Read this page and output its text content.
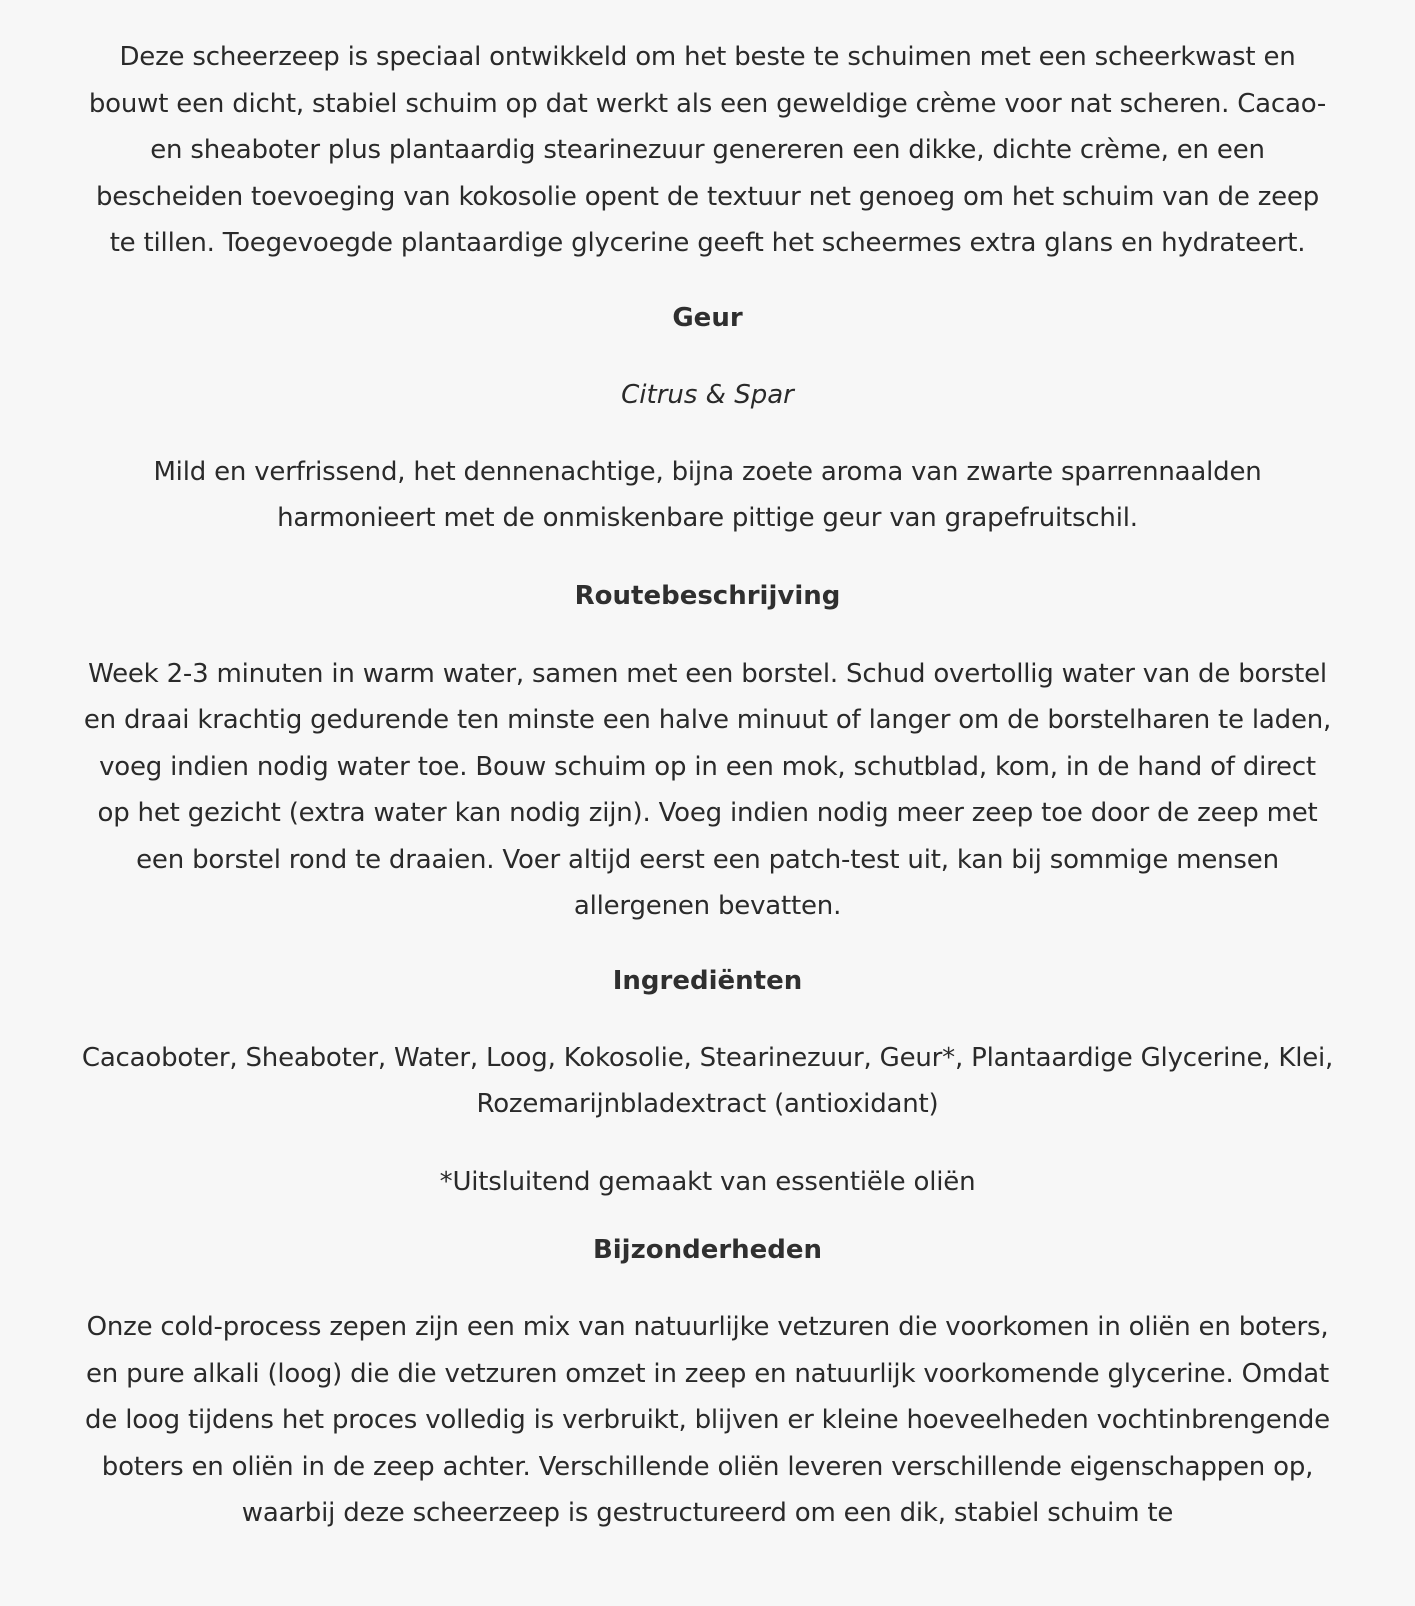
Deze scheerzeep is speciaal ontwikkeld om het beste te schuimen met een scheerkwast en bouwt een dicht, stabiel schuim op dat werkt als een geweldige crème voor nat scheren. Cacao- en sheaboter plus plantaardig stearinezuur genereren een dikke, dichte crème, en een bescheiden toevoeging van kokosolie opent de textuur net genoeg om het schuim van de zeep te tillen. Toegevoegde plantaardige glycerine geeft het scheermes extra glans en hydrateert.

Geur

Citrus & Spar

Mild en verfrissend, het dennenachtige, bijna zoete aroma van zwarte sparrennaalden harmonieert met de onmiskenbare pittige geur van grapefruitschil.

Routebeschrijving

Week 2-3 minuten in warm water, samen met een borstel. Schud overtollig water van de borstel en draai krachtig gedurende ten minste een halve minuut of langer om de borstelharen te laden, voeg indien nodig water toe. Bouw schuim op in een mok, schutblad, kom, in de hand of direct op het gezicht (extra water kan nodig zijn). Voeg indien nodig meer zeep toe door de zeep met een borstel rond te draaien. Voer altijd eerst een patch-test uit, kan bij sommige mensen allergenen bevatten.

Ingrediënten

Cacaoboter, Sheaboter, Water, Loog, Kokosolie, Stearinezuur, Geur*, Plantaardige Glycerine, Klei, Rozemarijnbladextract (antioxidant)

*Uitsluitend gemaakt van essentiële oliën

Bijzonderheden

Onze cold-process zepen zijn een mix van natuurlijke vetzuren die voorkomen in oliën en boters, en pure alkali (loog) die die vetzuren omzet in zeep en natuurlijk voorkomende glycerine. Omdat de loog tijdens het proces volledig is verbruikt, blijven er kleine hoeveelheden vochtinbrengende boters en oliën in de zeep achter. Verschillende oliën leveren verschillende eigenschappen op, waarbij deze scheerzeep is gestructureerd om een dik, stabiel schuim te
